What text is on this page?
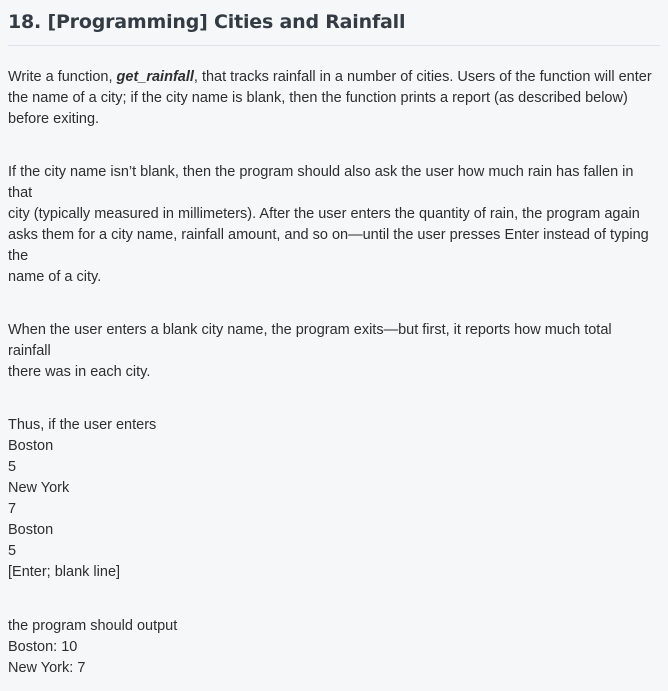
18. [Programming] Cities and Rainfall

Write a function, get_rainfall, that tracks rainfall in a number of cities. Users of the function will enter
the name of a city; if the city name is blank, then the function prints a report (as described below)
before exiting.

If the city name isn’t blank, then the program should also ask the user how much rain has fallen in
that
city (typically measured in millimeters). After the user enters the quantity of rain, the program again
asks them for a city name, rainfall amount, and so on—until the user presses Enter instead of typing
the
name of a city.

When the user enters a blank city name, the program exits—but first, it reports how much total
rainfall
there was in each city.

Thus, if the user enters
Boston
5
New York
7
Boston
5
[Enter; blank line]

the program should output
Boston: 10
New York: 7
